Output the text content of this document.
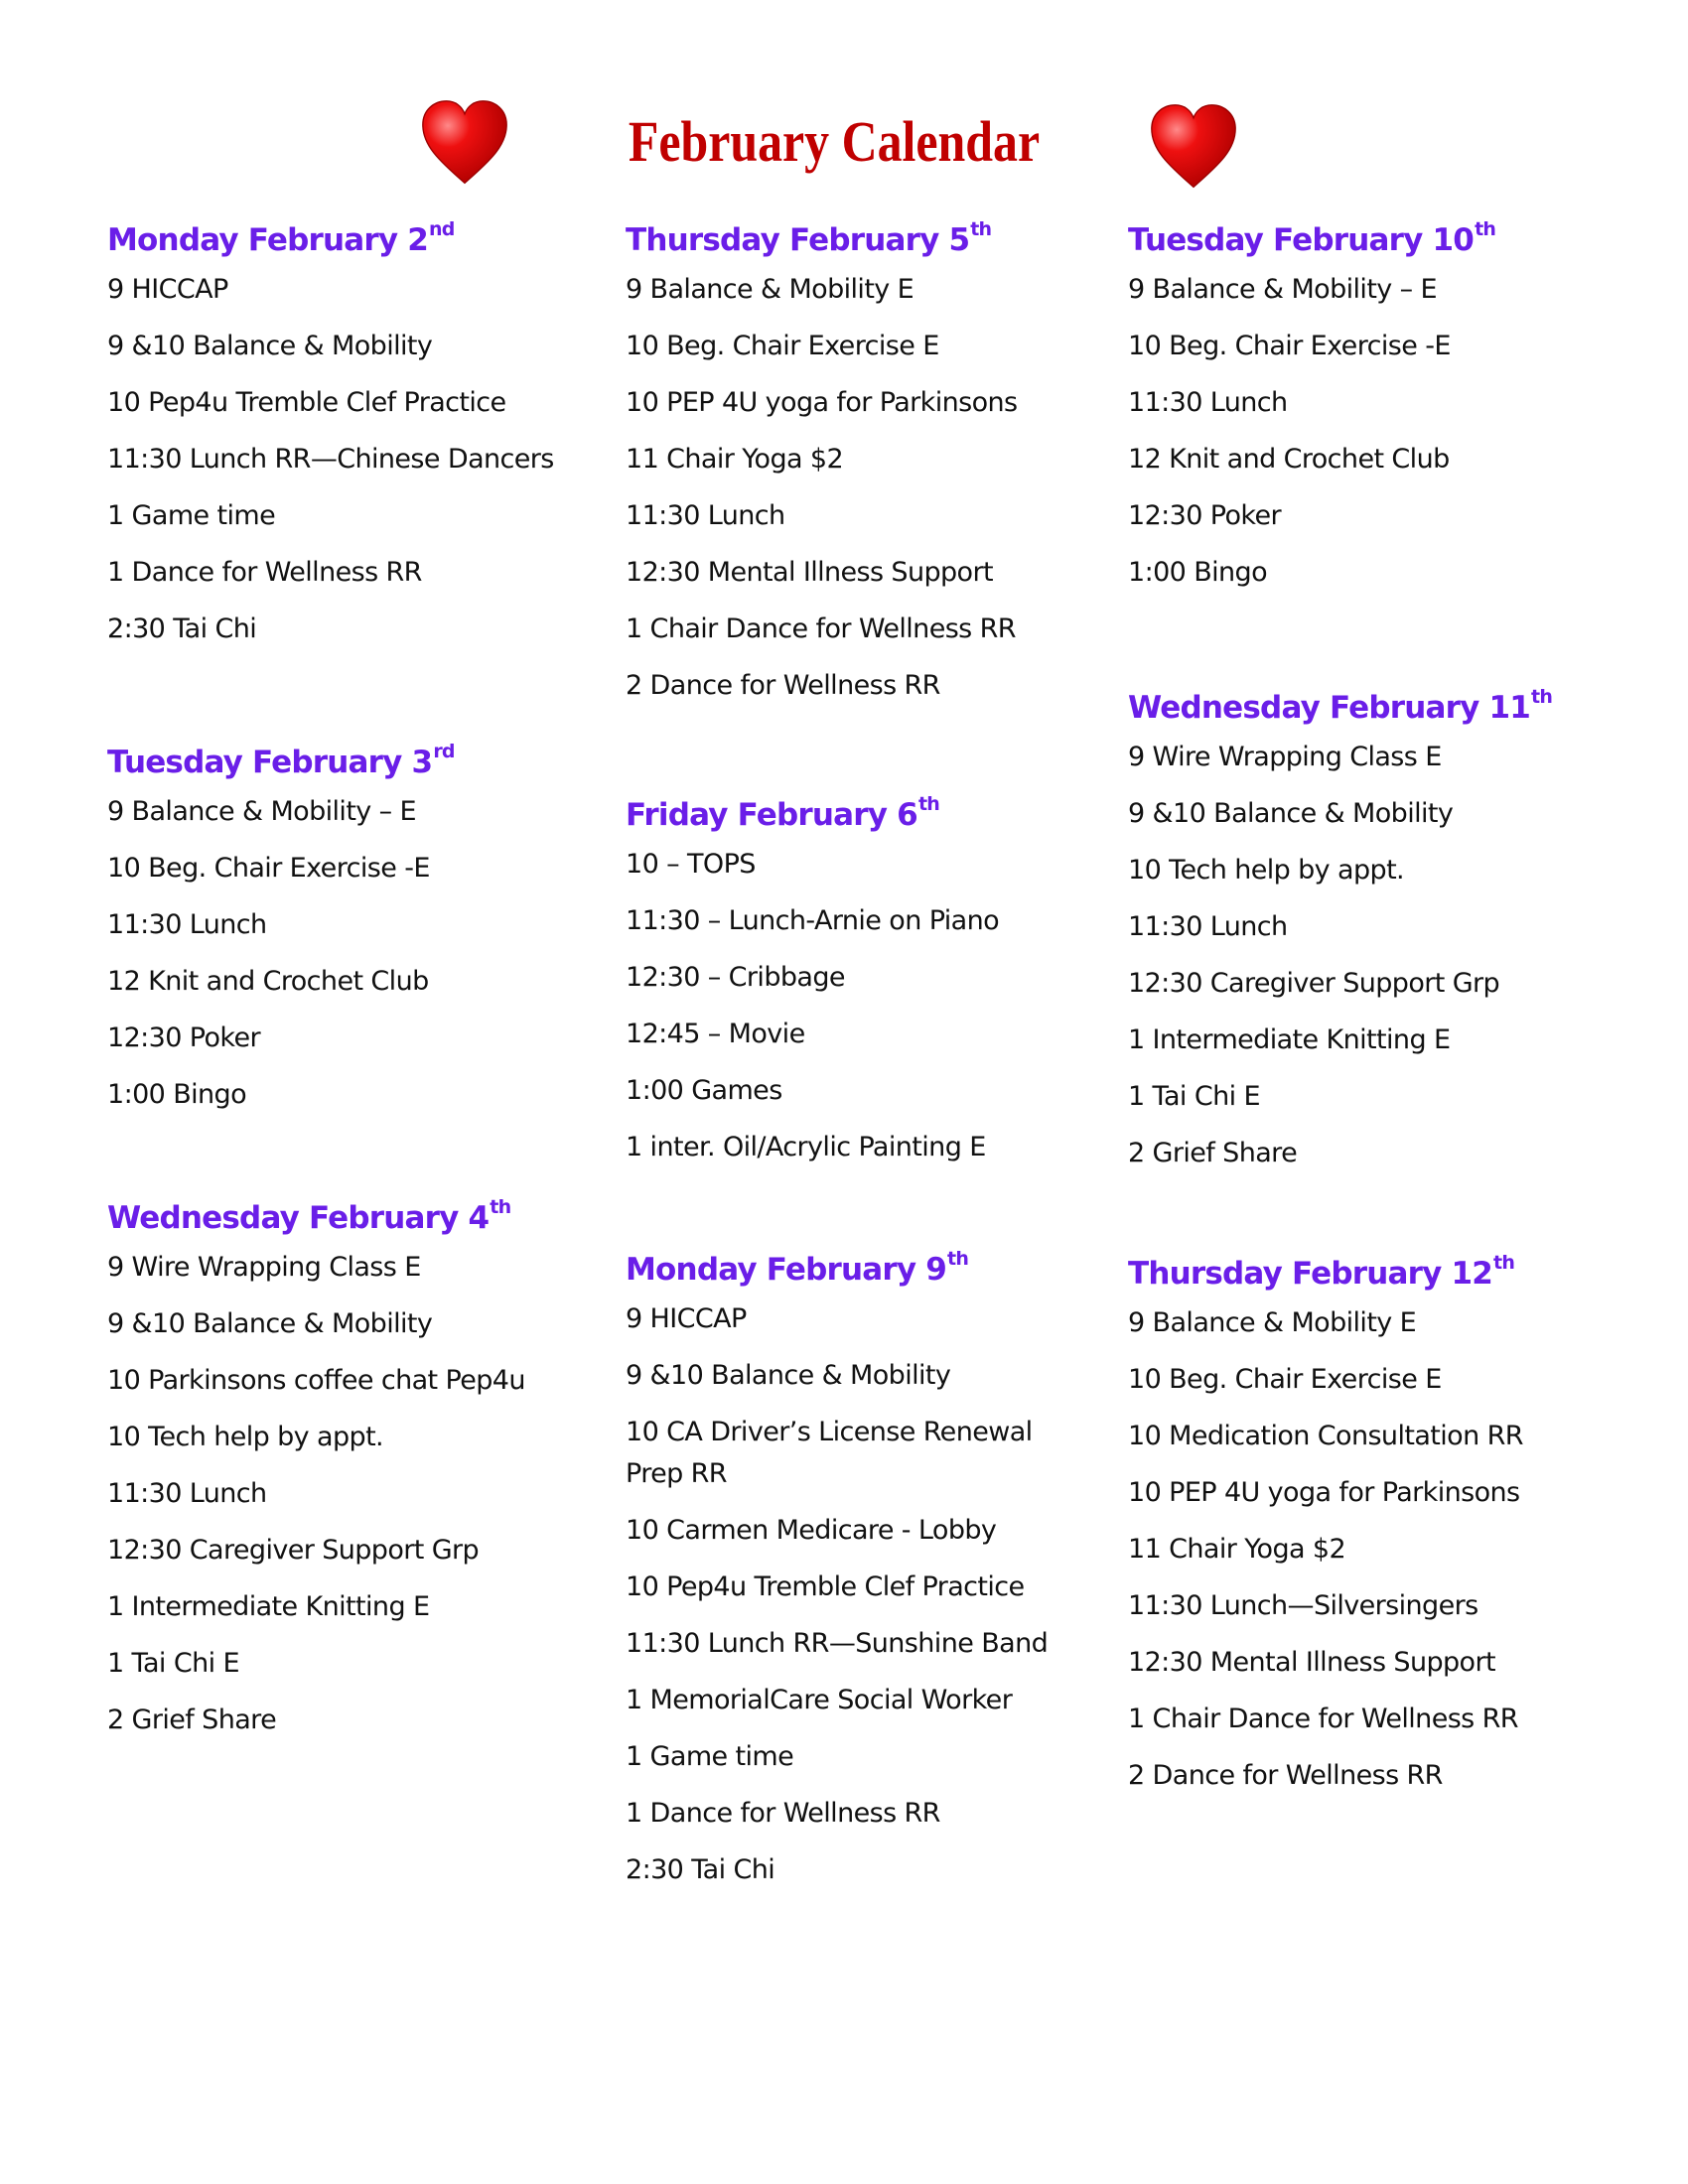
February Calendar
Monday February 2nd
9 HICCAP
9 &10 Balance & Mobility
10 Pep4u Tremble Clef Practice
11:30 Lunch RR—Chinese Dancers
1 Game time
1 Dance for Wellness RR
2:30 Tai Chi
Tuesday February 3rd
9 Balance & Mobility – E
10 Beg. Chair Exercise -E
11:30 Lunch
12 Knit and Crochet Club
12:30 Poker
1:00 Bingo
Wednesday February 4th
9 Wire Wrapping Class E
9 &10 Balance & Mobility
10 Parkinsons coffee chat Pep4u
10 Tech help by appt.
11:30 Lunch
12:30 Caregiver Support Grp
1 Intermediate Knitting E
1 Tai Chi E
2 Grief Share
Thursday February 5th
9 Balance & Mobility E
10 Beg. Chair Exercise E
10 PEP 4U yoga for Parkinsons
11 Chair Yoga $2
11:30 Lunch
12:30 Mental Illness Support
1 Chair Dance for Wellness RR
2 Dance for Wellness RR
Friday February 6th
10 – TOPS
11:30 – Lunch-Arnie on Piano
12:30 – Cribbage
12:45 – Movie
1:00 Games
1 inter. Oil/Acrylic Painting E
Monday February 9th
9 HICCAP
9 &10 Balance & Mobility
10 CA Driver’s License Renewal Prep RR
10 Carmen Medicare - Lobby
10 Pep4u Tremble Clef Practice
11:30 Lunch RR—Sunshine Band
1 MemorialCare Social Worker
1 Game time
1 Dance for Wellness RR
2:30 Tai Chi
Tuesday February 10th
9 Balance & Mobility – E
10 Beg. Chair Exercise -E
11:30 Lunch
12 Knit and Crochet Club
12:30 Poker
1:00 Bingo
Wednesday February 11th
9 Wire Wrapping Class E
9 &10 Balance & Mobility
10 Tech help by appt.
11:30 Lunch
12:30 Caregiver Support Grp
1 Intermediate Knitting E
1 Tai Chi E
2 Grief Share
Thursday February 12th
9 Balance & Mobility E
10 Beg. Chair Exercise E
10 Medication Consultation RR
10 PEP 4U yoga for Parkinsons
11 Chair Yoga $2
11:30 Lunch—Silversingers
12:30 Mental Illness Support
1 Chair Dance for Wellness RR
2 Dance for Wellness RR
